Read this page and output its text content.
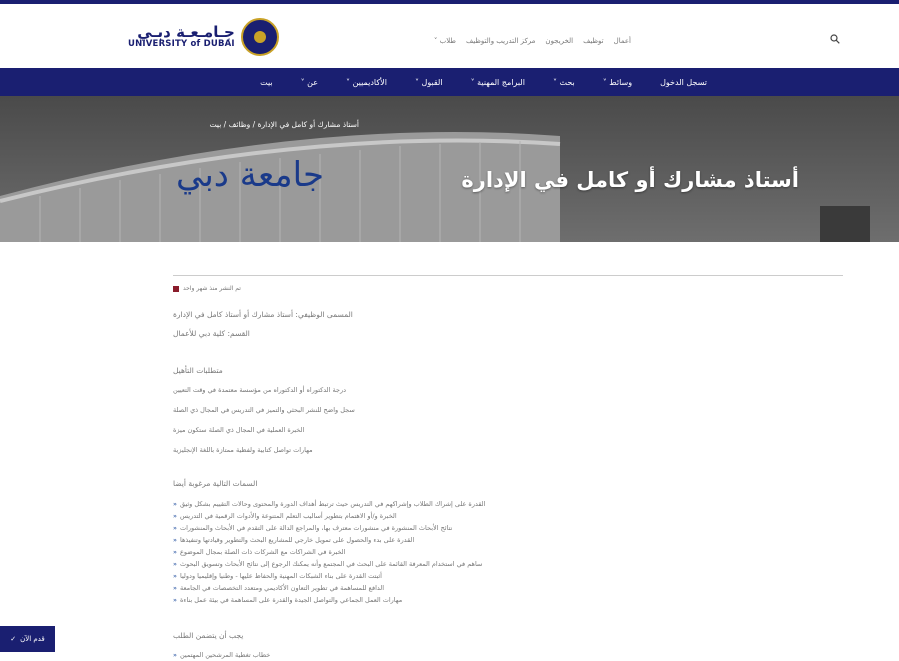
جـامـعـة دبـي
UNIVERSITY of DUBAI	أعمال
توظيف
الخريجون
مركز التدريب والتوظيف
طلاب ˅
تسجل الدخول
وسائط ˅
بحث ˅
البرامج المهنية ˅
القبول ˅
الأكاديميين ˅
عن ˅
بيت
جامعة دبي
أستاذ مشارك أو كامل في الإدارة / وظائف / بيت
أستاذ مشارك أو كامل في الإدارة
تم النشر منذ شهر واحد
المسمى الوظيفي: أستاذ مشارك أو أستاذ كامل في الإدارة
القسم: كلية دبي للأعمال
متطلبات التأهيل
درجة الدكتوراه أو الدكتوراه من مؤسسة معتمدة في وقت التعيين
سجل واضح للنشر البحثي والتميز في التدريس في المجال ذي الصلة
الخبرة العملية في المجال ذي الصلة ستكون ميزة
مهارات تواصل كتابية ولفظية ممتازة باللغة الإنجليزية
السمات التالية مرغوبة أيضا
» القدرة على إشراك الطلاب وإشراكهم في التدريس حيث ترتبط أهداف الدورة والمحتوى وحالات التقييم بشكل وثيق
» الخبرة و/أو الاهتمام بتطوير أساليب التعلم المتنوعة والأدوات الرقمية في التدريس
» نتائج الأبحاث المنشورة في منشورات معترف بها، والمراجع الدالة على التقدم في الأبحاث والمنشورات
» القدرة على بدء والحصول على تمويل خارجي للمشاريع البحث والتطوير وقيادتها وتنفيذها
» الخبرة في الشراكات مع الشركات ذات الصلة بمجال الموضوع
» ساهم في استخدام المعرفة القائمة على البحث في المجتمع وأنه يمكنك الرجوع إلى نتائج الأبحاث وتسويق البحوث
» أثبتت القدرة على بناء الشبكات المهنية والحفاظ عليها - وطنيا وإقليميا ودوليا
» الدافع للمساهمة في تطوير التعاون الأكاديمي ومتعدد التخصصات في الجامعة
» مهارات العمل الجماعي والتواصل الجيدة والقدرة على المساهمة في بيئة عمل بناءة
يجب أن يتضمن الطلب
» خطاب تغطية المرشحين المهتمين
✓ قدم الآن
